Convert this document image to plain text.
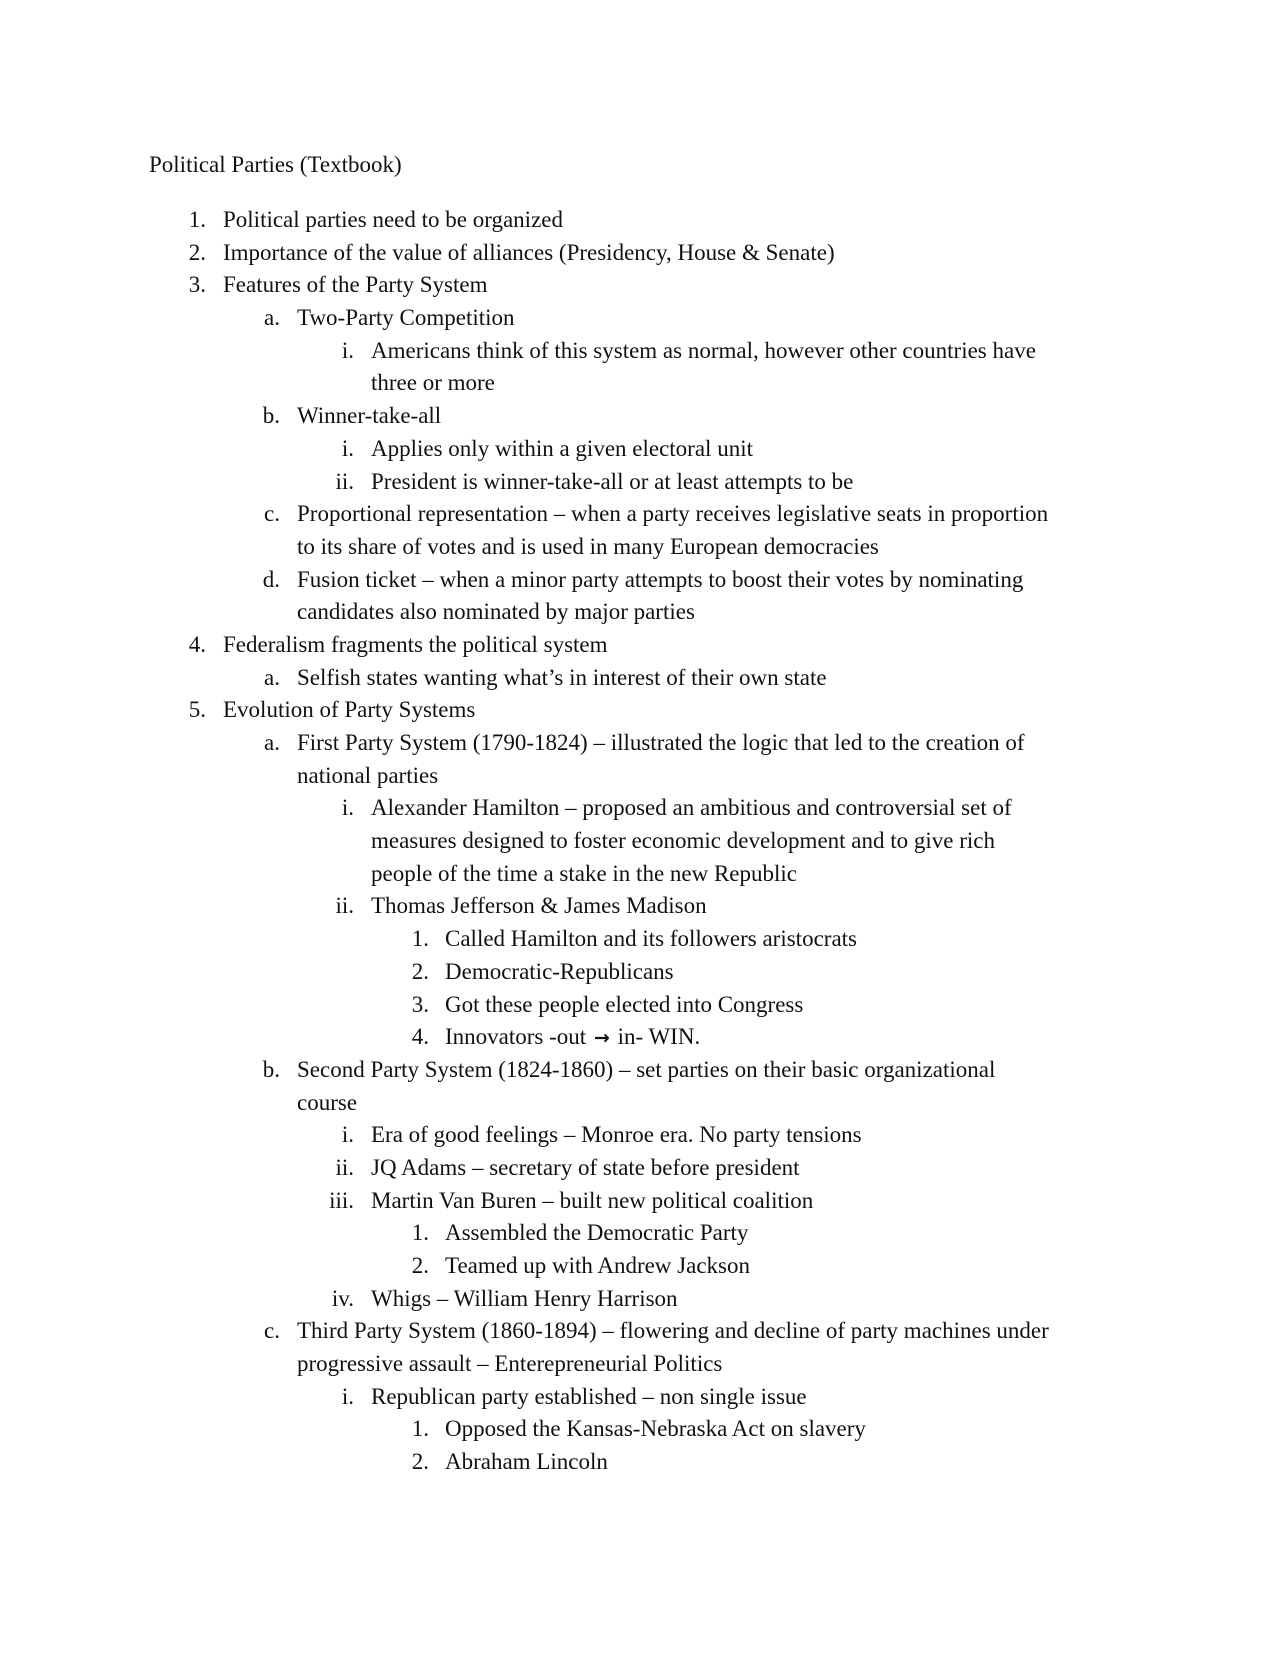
Political Parties (Textbook)
1. Political parties need to be organized
2. Importance of the value of alliances (Presidency, House & Senate)
3. Features of the Party System
a. Two-Party Competition
i. Americans think of this system as normal, however other countries have
three or more
b. Winner-take-all
i. Applies only within a given electoral unit
ii. President is winner-take-all or at least attempts to be
c. Proportional representation – when a party receives legislative seats in proportion
to its share of votes and is used in many European democracies
d. Fusion ticket – when a minor party attempts to boost their votes by nominating
candidates also nominated by major parties
4. Federalism fragments the political system
a. Selfish states wanting what’s in interest of their own state
5. Evolution of Party Systems
a. First Party System (1790-1824) – illustrated the logic that led to the creation of
national parties
i. Alexander Hamilton – proposed an ambitious and controversial set of
measures designed to foster economic development and to give rich
people of the time a stake in the new Republic
ii. Thomas Jefferson & James Madison
1. Called Hamilton and its followers aristocrats
2. Democratic-Republicans
3. Got these people elected into Congress
4. Innovators -out → in- WIN.
b. Second Party System (1824-1860) – set parties on their basic organizational
course
i. Era of good feelings – Monroe era. No party tensions
ii. JQ Adams – secretary of state before president
iii. Martin Van Buren – built new political coalition
1. Assembled the Democratic Party
2. Teamed up with Andrew Jackson
iv. Whigs – William Henry Harrison
c. Third Party System (1860-1894) – flowering and decline of party machines under
progressive assault – Enterepreneurial Politics
i. Republican party established – non single issue
1. Opposed the Kansas-Nebraska Act on slavery
2. Abraham Lincoln
